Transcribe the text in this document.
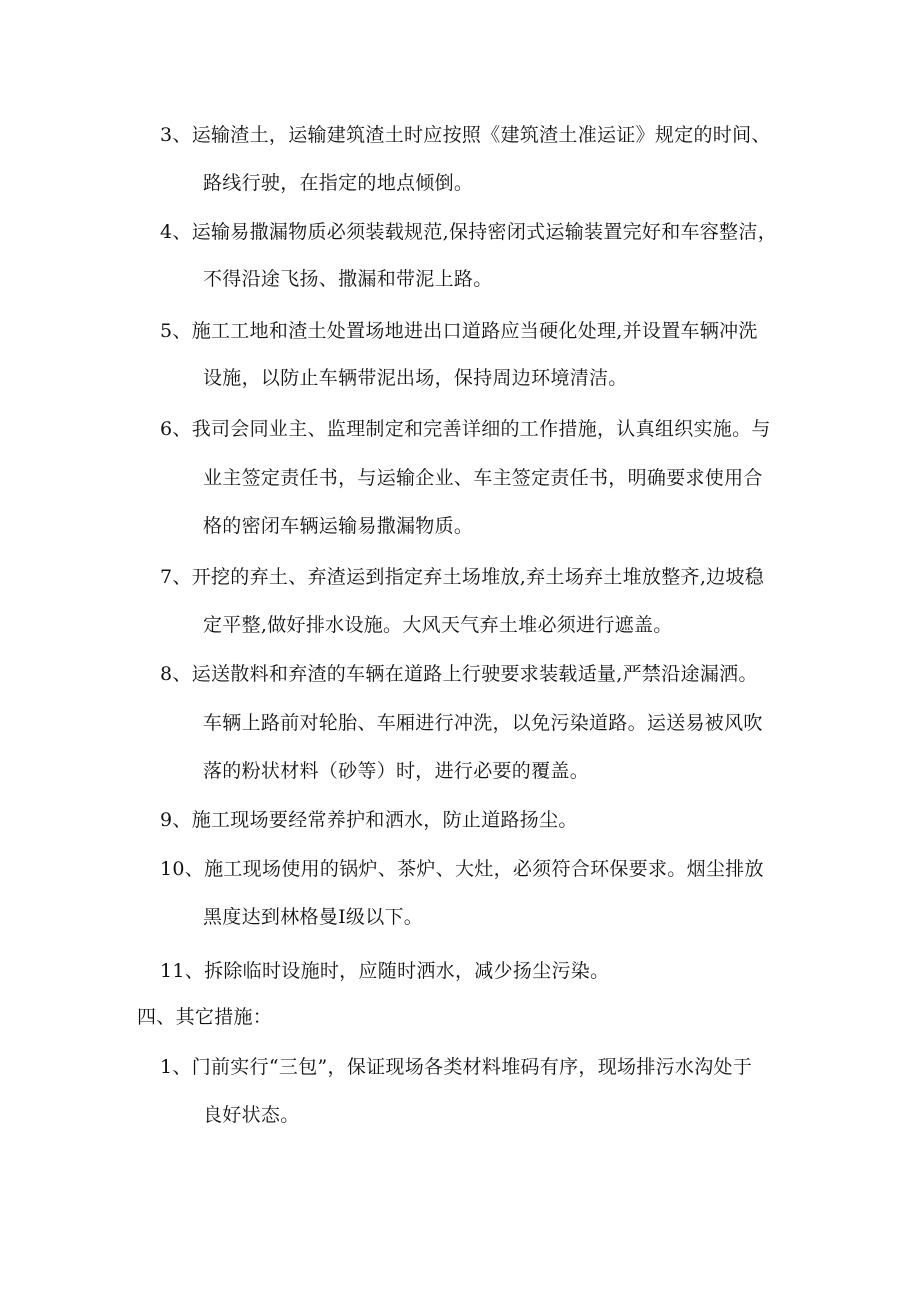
3、运输渣土，运输建筑渣土时应按照《建筑渣土准运证》规定的时间、
路线行驶，在指定的地点倾倒。
4、运输易撒漏物质必须装载规范,保持密闭式运输装置完好和车容整洁，
不得沿途飞扬、撒漏和带泥上路。
5、施工工地和渣土处置场地进出口道路应当硬化处理,并设置车辆冲洗
设施，以防止车辆带泥出场，保持周边环境清洁。
6、我司会同业主、监理制定和完善详细的工作措施，认真组织实施。与
业主签定责任书，与运输企业、车主签定责任书，明确要求使用合
格的密闭车辆运输易撒漏物质。
7、开挖的弃土、弃渣运到指定弃土场堆放,弃土场弃土堆放整齐,边坡稳
定平整,做好排水设施。大风天气弃土堆必须进行遮盖。
8、运送散料和弃渣的车辆在道路上行驶要求装载适量,严禁沿途漏洒。
车辆上路前对轮胎、车厢进行冲洗，以免污染道路。运送易被风吹
落的粉状材料（砂等）时，进行必要的覆盖。
9、施工现场要经常养护和洒水，防止道路扬尘。
10、施工现场使用的锅炉、茶炉、大灶，必须符合环保要求。烟尘排放
黑度达到林格曼I级以下。
11、拆除临时设施时，应随时洒水，减少扬尘污染。
四、其它措施：
1、门前实行“三包”，保证现场各类材料堆码有序，现场排污水沟处于
良好状态。
